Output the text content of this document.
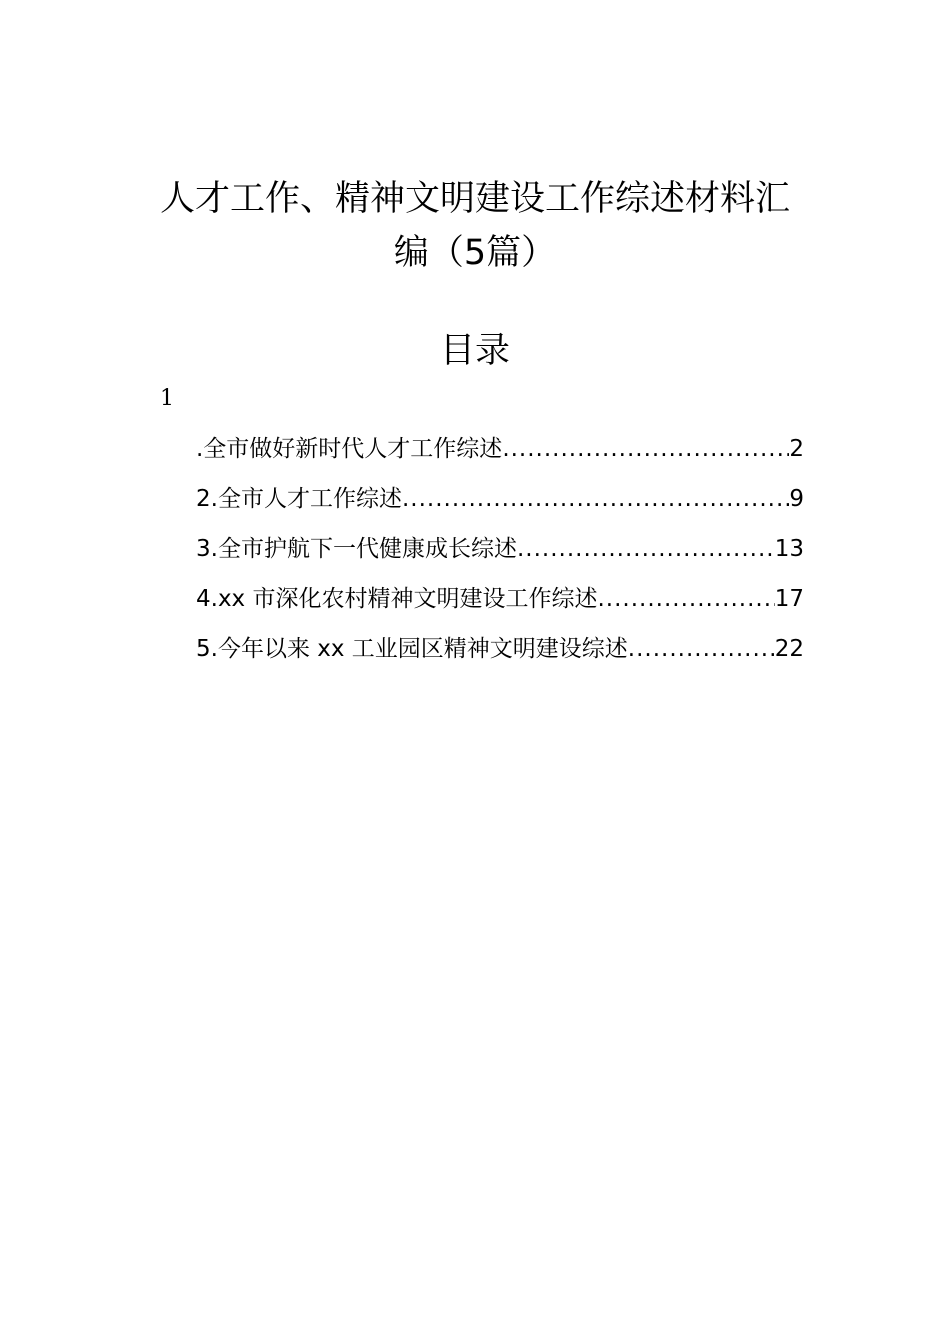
人才工作、精神文明建设工作综述材料汇
编（5篇）
目录
1
.全市做好新时代人才工作综述 .....	2
2.全市人才工作综述 .....	9
3.全市护航下一代健康成长综述 .....	13
4.xx 市深化农村精神文明建设工作综述 .....	17
5.今年以来 xx 工业园区精神文明建设综述 .....	22
